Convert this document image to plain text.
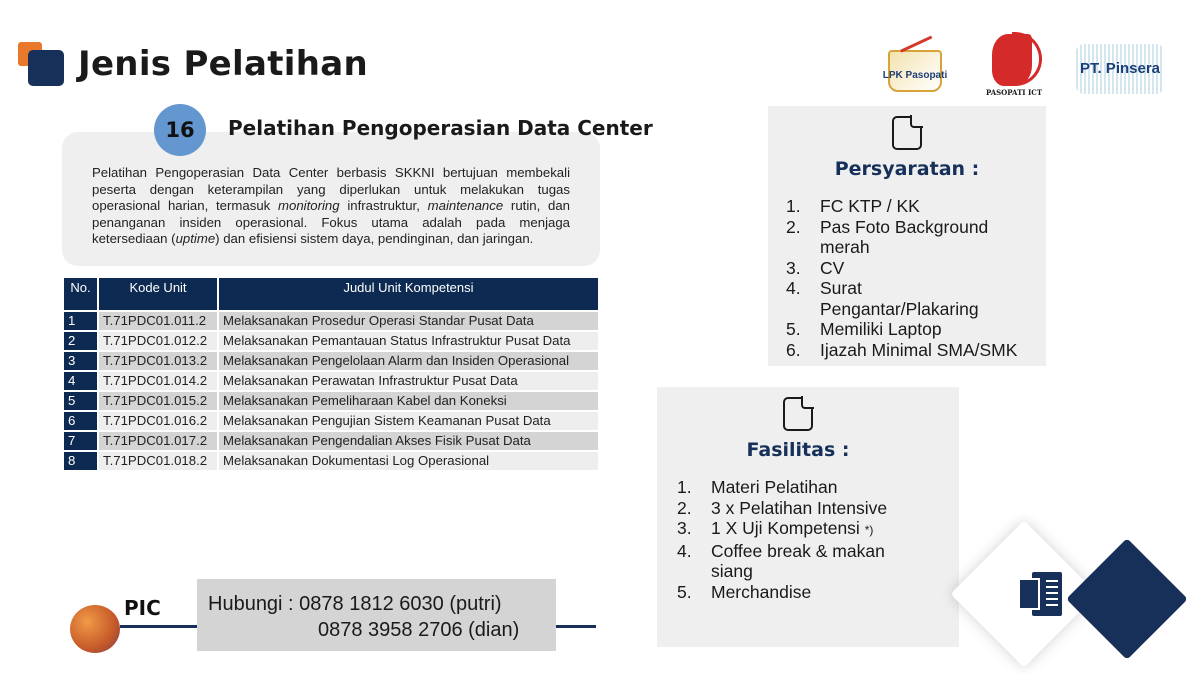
Jenis Pelatihan	LPK Pasopati
PASOPATI ICT
PT. Pinsera
16	Pelatihan Pengoperasian Data Center

Pelatihan Pengoperasian Data Center berbasis SKKNI bertujuan membekali peserta dengan keterampilan yang diperlukan untuk melakukan tugas operasional harian, termasuk monitoring infrastruktur, maintenance rutin, dan penanganan insiden operasional. Fokus utama adalah pada menjaga ketersediaan (uptime) dan efisiensi sistem daya, pendinginan, dan jaringan.

No.	Kode Unit	Judul Unit Kompetensi
1	T.71PDC01.011.2	Melaksanakan Prosedur Operasi Standar Pusat Data
2	T.71PDC01.012.2	Melaksanakan Pemantauan Status Infrastruktur Pusat Data
3	T.71PDC01.013.2	Melaksanakan Pengelolaan Alarm dan Insiden Operasional
4	T.71PDC01.014.2	Melaksanakan Perawatan Infrastruktur Pusat Data
5	T.71PDC01.015.2	Melaksanakan Pemeliharaan Kabel dan Koneksi
6	T.71PDC01.016.2	Melaksanakan Pengujian Sistem Keamanan Pusat Data
7	T.71PDC01.017.2	Melaksanakan Pengendalian Akses Fisik Pusat Data
8	T.71PDC01.018.2	Melaksanakan Dokumentasi Log Operasional
PIC Hubungi : 0878 1812 6030 (putri)
0878 3958 2706 (dian)
Persyaratan :
1.	FC KTP / KK
2.	Pas Foto Background merah
3.	CV
4.	Surat Pengantar/Plakaring
5.	Memiliki Laptop
6.	Ijazah Minimal SMA/SMK
Fasilitas :
1.	Materi Pelatihan
2.	3 x Pelatihan Intensive
3.	1 X Uji Kompetensi *)
4.	Coffee break & makan siang
5.	Merchandise
